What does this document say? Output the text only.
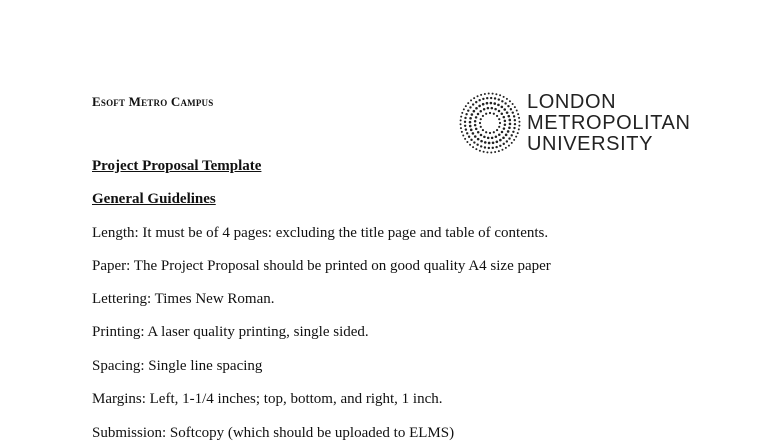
Esoft Metro Campus	LONDON
METROPOLITAN
UNIVERSITY
Project Proposal Template
General Guidelines
Length: It must be of 4 pages: excluding the title page and table of contents.
Paper: The Project Proposal should be printed on good quality A4 size paper
Lettering: Times New Roman.
Printing: A laser quality printing, single sided.
Spacing: Single line spacing
Margins: Left, 1-1/4 inches; top, bottom, and right, 1 inch.
Submission: Softcopy (which should be uploaded to ELMS)
